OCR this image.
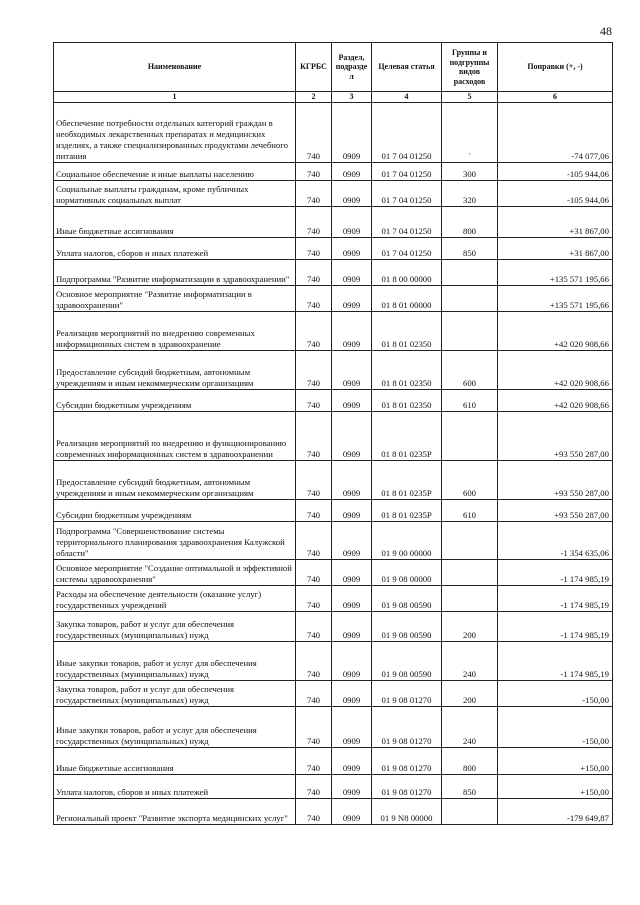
48
Наименование	КГРБС	Раздел, подразде л	Целевая статья	Группы и подгруппы видов расходов	Поправки (+, -)
1	2	3	4	5	6
Обеспечение потребности отдельных категорий граждан в необходимых лекарственных препаратах и медицинских изделиях, а также специализированных продуктами лечебного питания	740	0909	01 7 04 01250	`	-74 077,06
Социальное обеспечение и иные выплаты населению	740	0909	01 7 04 01250	300	-105 944,06
Социальные выплаты гражданам, кроме публичных нормативных социальных выплат	740	0909	01 7 04 01250	320	-105 944,06
Иные бюджетные ассигнования	740	0909	01 7 04 01250	800	+31 867,00
Уплата налогов, сборов и иных платежей	740	0909	01 7 04 01250	850	+31 867,00
Подпрограмма "Развитие информатизации в здравоохранении"	740	0909	01 8 00 00000		+135 571 195,66
Основное мероприятие "Развитие информатизации в здравоохранении"	740	0909	01 8 01 00000		+135 571 195,66
Реализация мероприятий по внедрению современных информационных систем в здравоохранение	740	0909	01 8 01 02350		+42 020 908,66
Предоставление субсидий бюджетным, автономным учреждениям и иным некоммерческим организациям	740	0909	01 8 01 02350	600	+42 020 908,66
Субсидии бюджетным учреждениям	740	0909	01 8 01 02350	610	+42 020 908,66
Реализация мероприятий по внедрению и функционированию современных информационных систем в здравоохранении	740	0909	01 8 01 0235P		+93 550 287,00
Предоставление субсидий бюджетным, автономным учреждениям и иным некоммерческим организациям	740	0909	01 8 01 0235P	600	+93 550 287,00
Субсидии бюджетным учреждениям	740	0909	01 8 01 0235P	610	+93 550 287,00
Подпрограмма "Совершенствование системы территориального планирования здравоохранения Калужской области"	740	0909	01 9 00 00000		-1 354 635,06
Основное мероприятие "Создание оптимальной и эффективной системы здравоохранения"	740	0909	01 9 08 00000		-1 174 985,19
Расходы на обеспечение деятельности (оказание услуг) государственных учреждений	740	0909	01 9 08 00590		-1 174 985,19
Закупка товаров, работ и услуг для обеспечения государственных (муниципальных) нужд	740	0909	01 9 08 00590	200	-1 174 985,19
Иные закупки товаров, работ и услуг для обеспечения государственных (муниципальных) нужд	740	0909	01 9 08 00590	240	-1 174 985,19
Закупка товаров, работ и услуг для обеспечения государственных (муниципальных) нужд	740	0909	01 9 08 01270	200	-150,00
Иные закупки товаров, работ и услуг для обеспечения государственных (муниципальных) нужд	740	0909	01 9 08 01270	240	-150,00
Иные бюджетные ассигнования	740	0909	01 9 08 01270	800	+150,00
Уплата налогов, сборов и иных платежей	740	0909	01 9 08 01270	850	+150,00
Региональный проект "Развитие экспорта медицинских услуг"	740	0909	01 9 N8 00000		-179 649,87
